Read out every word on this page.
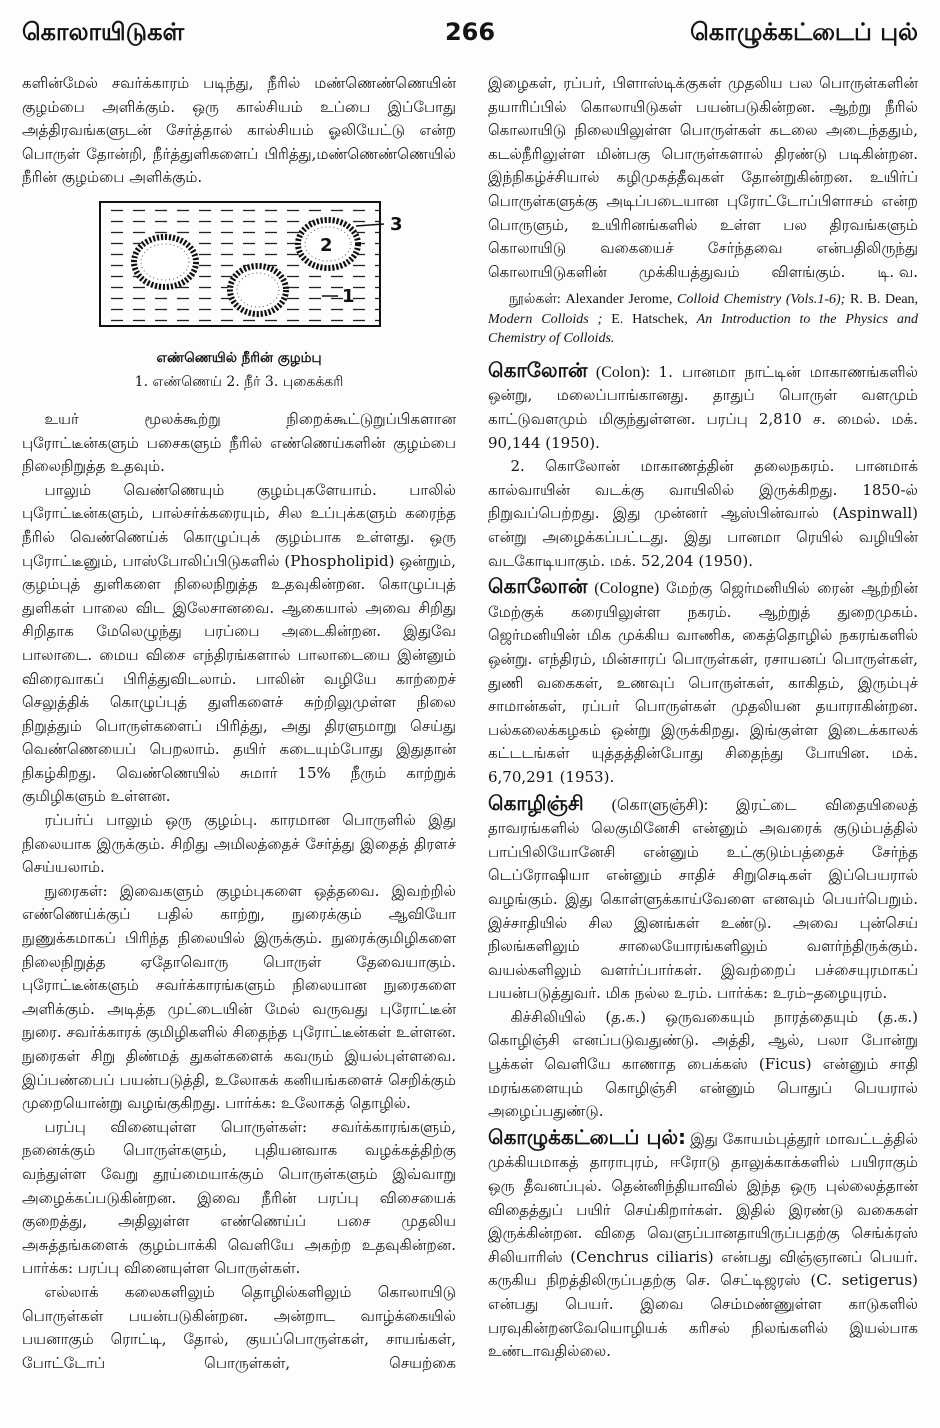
கொலாயிடுகள்	266	கொழுக்கட்டைப் புல்

களின்மேல் சவர்க்காரம் படிந்து, நீரில் மண்ணெண்ணெயின் குழம்பை அளிக்கும். ஒரு கால்சியம் உப்பை இப்போது அத்திரவங்களுடன் சேர்த்தால் கால்சியம் ஓலியேட்டு என்ற பொருள் தோன்றி, நீர்த்துளிகளைப் பிரித்து,மண்ணெண்ணெயில் நீரின் குழம்பை அளிக்கும்.

2
3
1
எண்ணெயில் நீரின் குழம்பு
1. எண்ணெய் 2. நீர் 3. புகைக்கரி

உயர் மூலக்கூற்று நிறைக்கூட்டுறுப்பிகளான புரோட்டீன்களும் பசைகளும் நீரில் எண்ணெய்களின் குழம்பை நிலைநிறுத்த உதவும்.

பாலும் வெண்ணெயும் குழம்புகளேயாம். பாலில் புரோட்டீன்களும், பால்சர்க்கரையும், சில உப்புக்களும் கரைந்த நீரில் வெண்ணெய்க் கொழுப்புக் குழம்பாக உள்ளது. ஒரு புரோட்டீனும், பாஸ்போலிப்பிடுகளில் (Phospholipid) ஒன்றும், குழம்புத் துளிகளை நிலைநிறுத்த உதவுகின்றன. கொழுப்புத் துளிகள் பாலை விட இலேசானவை. ஆகையால் அவை சிறிது சிறிதாக மேலெழுந்து பரப்பை அடைகின்றன. இதுவே பாலாடை. மைய விசை எந்திரங்களால் பாலாடையை இன்னும் விரைவாகப் பிரித்துவிடலாம். பாலின் வழியே காற்றைச் செலுத்திக் கொழுப்புத் துளிகளைச் சுற்றிலுமுள்ள நிலை நிறுத்தும் பொருள்களைப் பிரித்து, அது திரளுமாறு செய்து வெண்ணெயைப் பெறலாம். தயிர் கடையும்போது இதுதான் நிகழ்கிறது. வெண்ணெயில் சுமார் 15% நீரும் காற்றுக் குமிழிகளும் உள்ளன.

ரப்பர்ப் பாலும் ஒரு குழம்பு. காரமான பொருளில் இது நிலையாக இருக்கும். சிறிது அமிலத்தைச் சேர்த்து இதைத் திரளச் செய்யலாம்.

நுரைகள்: இவைகளும் குழம்புகளை ஒத்தவை. இவற்றில் எண்ணெய்க்குப் பதில் காற்று, நுரைக்கும் ஆவியோ நுணுக்கமாகப் பிரிந்த நிலையில் இருக்கும். நுரைக்குமிழிகளை நிலைநிறுத்த ஏதோவொரு பொருள் தேவையாகும். புரோட்டீன்களும் சவர்க்காரங்களும் நிலையான நுரைகளை அளிக்கும். அடித்த முட்டையின் மேல் வருவது புரோட்டீன் நுரை. சவர்க்காரக் குமிழிகளில் சிதைந்த புரோட்டீன்கள் உள்ளன. நுரைகள் சிறு திண்மத் துகள்களைக் கவரும் இயல்புள்ளவை. இப்பண்பைப் பயன்படுத்தி, உலோகக் கனியங்களைச் செறிக்கும் முறையொன்று வழங்குகிறது. பார்க்க: உலோகத் தொழில்.

பரப்பு வினையுள்ள பொருள்கள்: சவர்க்காரங்களும், நனைக்கும் பொருள்களும், புதியனவாக வழக்கத்திற்கு வந்துள்ள வேறு தூய்மையாக்கும் பொருள்களும் இவ்வாறு அழைக்கப்படுகின்றன. இவை நீரின் பரப்பு விசையைக் குறைத்து, அதிலுள்ள எண்ணெய்ப் பசை முதலிய அசுத்தங்களைக் குழம்பாக்கி வெளியே அகற்ற உதவுகின்றன. பார்க்க: பரப்பு வினையுள்ள பொருள்கள்.

எல்லாக் கலைகளிலும் தொழில்களிலும் கொலாயிடு பொருள்கள் பயன்படுகின்றன. அன்றாட வாழ்க்கையில் பயனாகும் ரொட்டி, தோல், குயப்பொருள்கள், சாயங்கள், போட்டோப் பொருள்கள், செயற்கை

இழைகள், ரப்பர், பிளாஸ்டிக்குகள் முதலிய பல பொருள்களின் தயாரிப்பில் கொலாயிடுகள் பயன்படுகின்றன. ஆற்று நீரில் கொலாயிடு நிலையிலுள்ள பொருள்கள் கடலை அடைந்ததும், கடல்நீரிலுள்ள மின்பகு பொருள்களால் திரண்டு படிகின்றன. இந்நிகழ்ச்சியால் கழிமுகத்தீவுகள் தோன்றுகின்றன. உயிர்ப் பொருள்களுக்கு அடிப்படையான புரோட்டோப்பிளாசம் என்ற பொருளும், உயிரினங்களில் உள்ள பல திரவங்களும் கொலாயிடு வகையைச் சேர்ந்தவை என்பதிலிருந்து கொலாயிடுகளின் முக்கியத்துவம் விளங்கும். டி. வ.

நூல்கள்: Alexander Jerome, Colloid Chemistry (Vols.1-6); R. B. Dean, Modern Colloids ; E. Hatschek, An Introduction to the Physics and Chemistry of Colloids.

கொலோன் (Colon): 1. பானமா நாட்டின் மாகாணங்களில் ஒன்று, மலைப்பாங்கானது. தாதுப் பொருள் வளமும் காட்டுவளமும் மிகுந்துள்ளன. பரப்பு 2,810 ச. மைல். மக். 90,144 (1950).

2. கொலோன் மாகாணத்தின் தலைநகரம். பானமாக் கால்வாயின் வடக்கு வாயிலில் இருக்கிறது. 1850-ல் நிறுவப்பெற்றது. இது முன்னர் ஆஸ்பின்வால் (Aspinwall) என்று அழைக்கப்பட்டது. இது பானமா ரெயில் வழியின் வடகோடியாகும். மக். 52,204 (1950).

கொலோன் (Cologne) மேற்கு ஜெர்மனியில் ரைன் ஆற்றின் மேற்குக் கரையிலுள்ள நகரம். ஆற்றுத் துறைமுகம். ஜெர்மனியின் மிக முக்கிய வாணிக, கைத்தொழில் நகரங்களில் ஒன்று. எந்திரம், மின்சாரப் பொருள்கள், ரசாயனப் பொருள்கள், துணி வகைகள், உணவுப் பொருள்கள், காகிதம், இரும்புச் சாமான்கள், ரப்பர் பொருள்கள் முதலியன தயாராகின்றன. பல்கலைக்கழகம் ஒன்று இருக்கிறது. இங்குள்ள இடைக்காலக் கட்டடங்கள் யுத்தத்தின்போது சிதைந்து போயின. மக். 6,70,291 (1953).

கொழிஞ்சி (கொளுஞ்சி): இரட்டை விதையிலைத் தாவரங்களில் லெகுமினேசி என்னும் அவரைக் குடும்பத்தில் பாப்பிலியோனேசி என்னும் உட்குடும்பத்தைச் சேர்ந்த டெப்ரோஷியா என்னும் சாதிச் சிறுசெடிகள் இப்பெயரால் வழங்கும். இது கொள்ளுக்காய்வேளை எனவும் பெயர்பெறும். இச்சாதியில் சில இனங்கள் உண்டு. அவை புன்செய் நிலங்களிலும் சாலையோரங்களிலும் வளர்ந்திருக்கும். வயல்களிலும் வளர்ப்பார்கள். இவற்றைப் பச்சையுரமாகப் பயன்படுத்துவர். மிக நல்ல உரம். பார்க்க: உரம்–தழையுரம்.

கிச்சிலியில் (த.க.) ஒருவகையும் நாரத்தையும் (த.க.) கொழிஞ்சி எனப்படுவதுண்டு. அத்தி, ஆல், பலா போன்று பூக்கள் வெளியே காணாத பைக்கஸ் (Ficus) என்னும் சாதி மரங்களையும் கொழிஞ்சி என்னும் பொதுப் பெயரால் அழைப்பதுண்டு.

கொழுக்கட்டைப் புல்: இது கோயம்புத்தூர் மாவட்டத்தில் முக்கியமாகத் தாராபுரம், ஈரோடு தாலுக்காக்களில் பயிராகும் ஒரு தீவனப்புல். தென்னிந்தியாவில் இந்த ஒரு புல்லைத்தான் விதைத்துப் பயிர் செய்கிறார்கள். இதில் இரண்டு வகைகள் இருக்கின்றன. விதை வெளுப்பானதாயிருப்பதற்கு செங்க்ரஸ் சிலியாரிஸ் (Cenchrus ciliaris) என்பது விஞ்ஞானப் பெயர். கருகிய நிறத்திலிருப்பதற்கு செ. செட்டிஜரஸ் (C. setigerus) என்பது பெயர். இவை செம்மண்ணுள்ள காடுகளில் பரவுகின்றனவேயொழியக் கரிசல் நிலங்களில் இயல்பாக உண்டாவதில்லை.
